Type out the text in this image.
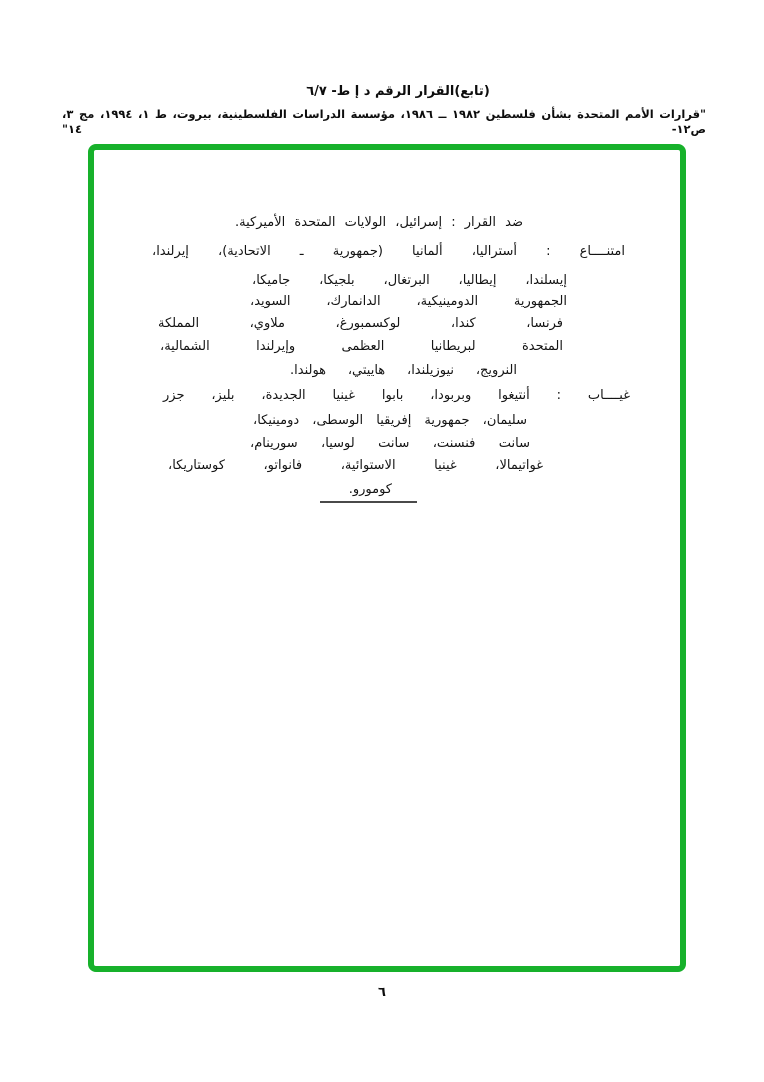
(تابع)القرار الرقم د إ ط- ٦/٧
"قرارات الأمم المتحدة بشأن فلسطين ١٩٨٢ ــ ١٩٨٦، مؤسسة الدراسات الفلسطينية، بيروت، ط ١، ١٩٩٤، مج ٣، ص١٢- ١٤"
ضد القرار : إسرائيل، الولايات المتحدة الأميركية.
امتنــــاع : أستراليا، ألمانيا (جمهورية ـ الاتحادية)، إيرلندا،
إيسلندا، إيطاليا، البرتغال، بلجيكا، جاميكا،
الجمهورية الدومينيكية، الدانمارك، السويد،
فرنسا، كندا، لوكسمبورغ، ملاوي، المملكة
المتحدة لبريطانيا العظمى وإيرلندا الشمالية،
النرويج، نيوزيلندا، هاييتي، هولندا.
غيــــاب : أنتيغوا وبربودا، بابوا غينيا الجديدة، بليز، جزر
سليمان، جمهورية إفريقيا الوسطى، دومينيكا،
سانت فنسنت، سانت لوسيا، سورينام،
غواتيمالا، غينيا الاستوائية، فانواتو، كوستاريكا،
كومورو.
٦
